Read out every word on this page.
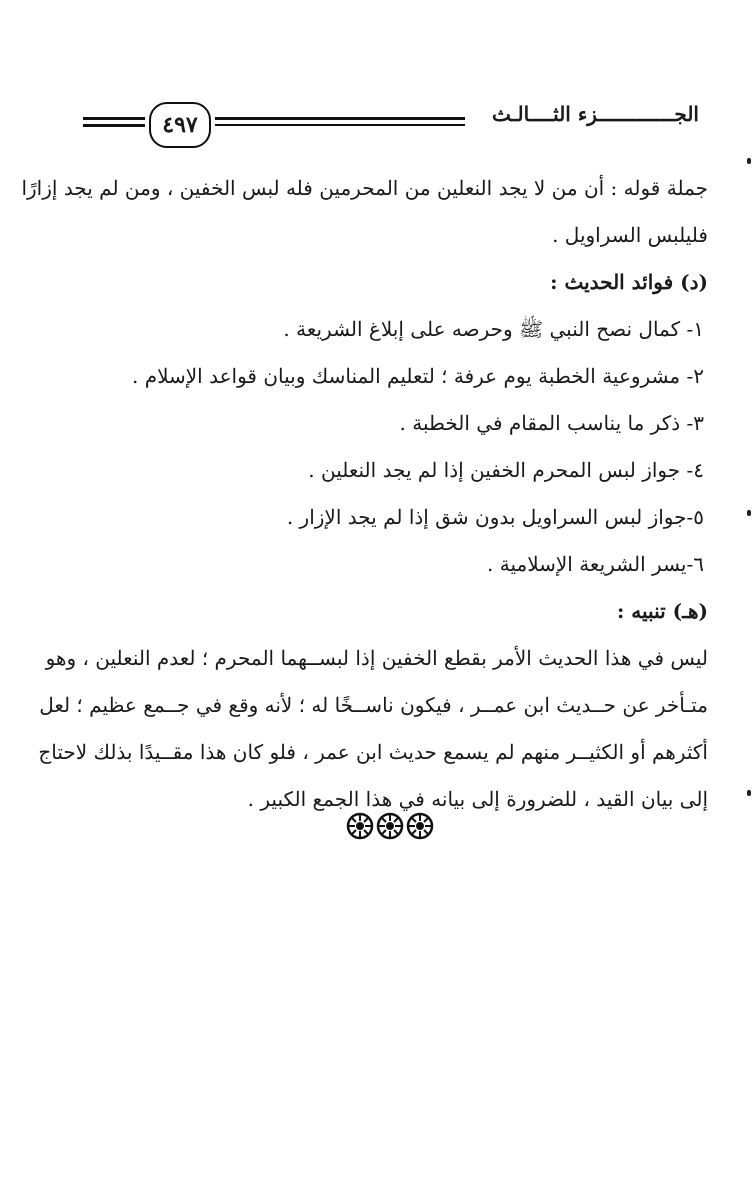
٤٩٧	الجـــــــــــــزء الثــــالـث
جملة قوله : أن من لا يجد النعلين من المحرمين فله لبس الخفين ، ومن لم يجد إزارًا
فليلبس السراويل .
(د) فوائد الحديث :
١- كمال نصح النبي ﷺ وحرصه على إبلاغ الشريعة .
٢- مشروعية الخطبة يوم عرفة ؛ لتعليم المناسك وبيان قواعد الإسلام .
٣- ذكر ما يناسب المقام في الخطبة .
٤- جواز لبس المحرم الخفين إذا لم يجد النعلين .
٥-جواز لبس السراويل بدون شق إذا لم يجد الإزار .
٦-يسر الشريعة الإسلامية .
(هـ) تنبيه :
ليس في هذا الحديث الأمر بقطع الخفين إذا لبســهما المحرم ؛ لعدم النعلين ، وهو
متـأخر عن حــديث ابن عمــر ، فيكون ناســخًا له ؛ لأنه وقع في جــمع عظيم ؛ لعل
أكثرهم أو الكثيــر منهم لم يسمع حديث ابن عمر ، فلو كان هذا مقــيدًا بذلك لاحتاج
إلى بيان القيد ، للضرورة إلى بيانه في هذا الجمع الكبير .
